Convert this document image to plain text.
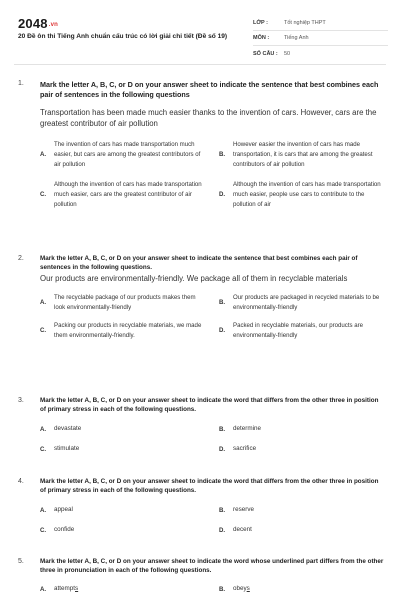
2048.vn
20 Đề ôn thi Tiếng Anh chuẩn cấu trúc có lời giải chi tiết (Đề số 19)
LỚP :	Tốt nghiệp THPT
MÔN :	Tiếng Anh
SỐ CÂU :	50
1.	Mark the letter A, B, C, or D on your answer sheet to indicate the sentence that best combines each pair of sentences in the following questions
Transportation has been made much easier thanks to the invention of cars. However, cars are the greatest contributor of air pollution
A.
The invention of cars has made transportation much easier, but cars are among the greatest contributors of air pollution
B.
However easier the invention of cars has made transportation, it is cars that are among the greatest contributors of air pollution
C.
Although the invention of cars has made transportation much easier, cars are the greatest contributor of air pollution
D.
Although the invention of cars has made transportation much easier, people use cars to contribute to the pollution of air
2.	Mark the letter A, B, C, or D on your answer sheet to indicate the sentence that best combines each pair of sentences in the following questions.
Our products are environmentally-friendly. We package all of them in recyclable materials
A.
The recyclable package of our products makes them look environmentally-friendly
B.
Our products are packaged in recycled materials to be environmentally-friendly
C.
Packing our products in recyclable materials, we made them environmentally-friendly.
D.
Packed in recyclable materials, our products are environmentally-friendly
3.	Mark the letter A, B, C, or D on your answer sheet to indicate the word that differs from the other three in position of primary stress in each of the following questions.
A.	devastate	B.	determine
C.	stimulate	D.	sacrifice
4.	Mark the letter A, B, C, or D on your answer sheet to indicate the word that differs from the other three in position of primary stress in each of the following questions.
A.	appeal	B.	reserve
C.	confide	D.	decent
5.	Mark the letter A, B, C, or D on your answer sheet to indicate the word whose underlined part differs from the other three in pronunciation in each of the following questions.
A.	attempts	B.	obeys
